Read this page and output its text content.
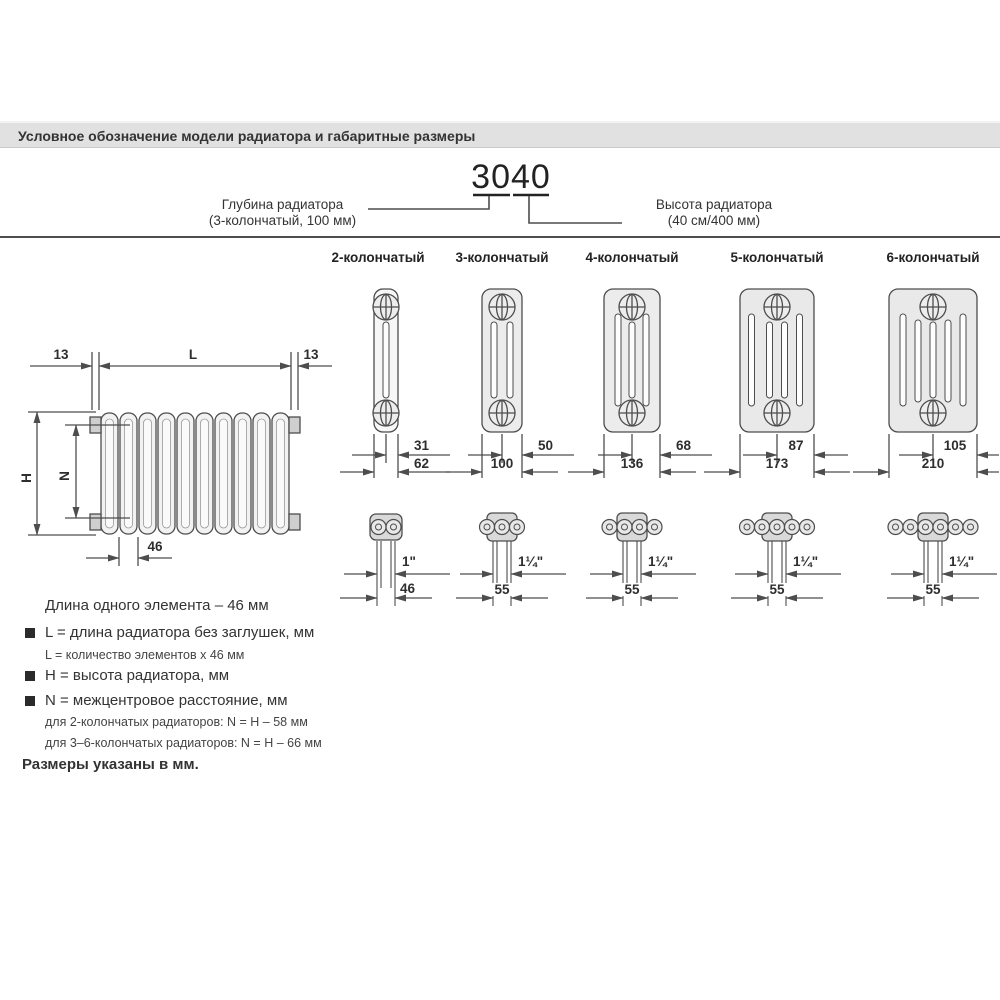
Условное обозначение модели радиатора и габаритные размеры
Глубина радиатора
(3-колончатый, 100 мм)
Высота радиатора
(40 см/400 мм)
2-колончатый	3-колончатый	4-колончатый	5-колончатый	6-колончатый
3040
31
62
50
100
68
136
87
173
105
210
1"
46
1¼"
55
1¼"
55
1¼"
55
1¼"
55
13	L	13
H N
46
Длина одного элемента – 46 мм
L = длина радиатора без заглушек, мм
L = количество элементов x 46 мм
H = высота радиатора, мм
N = межцентровое расстояние, мм
для 2-колончатых радиаторов: N = H – 58 мм
для 3–6-колончатых радиаторов: N = H – 66 мм
Размеры указаны в мм.
